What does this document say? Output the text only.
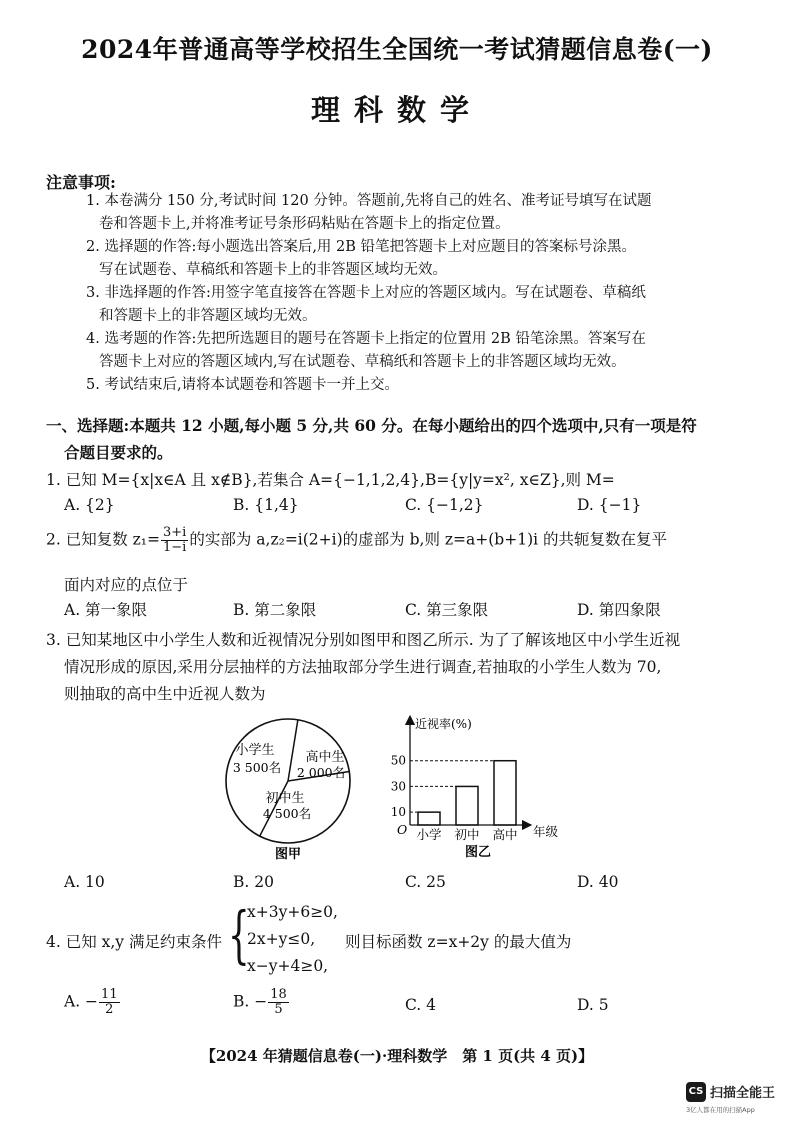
2024年普通高等学校招生全国统一考试猜题信息卷(一)
理科数学
注意事项:
1. 本卷满分 150 分,考试时间 120 分钟。答题前,先将自己的姓名、准考证号填写在试题
卷和答题卡上,并将准考证号条形码粘贴在答题卡上的指定位置。
2. 选择题的作答:每小题选出答案后,用 2B 铅笔把答题卡上对应题目的答案标号涂黑。
写在试题卷、草稿纸和答题卡上的非答题区域均无效。
3. 非选择题的作答:用签字笔直接答在答题卡上对应的答题区域内。写在试题卷、草稿纸
和答题卡上的非答题区域均无效。
4. 选考题的作答:先把所选题目的题号在答题卡上指定的位置用 2B 铅笔涂黑。答案写在
答题卡上对应的答题区域内,写在试题卷、草稿纸和答题卡上的非答题区域均无效。
5. 考试结束后,请将本试题卷和答题卡一并上交。
一、选择题:本题共 12 小题,每小题 5 分,共 60 分。在每小题给出的四个选项中,只有一项是符
合题目要求的。
1. 已知 M={x|x∈A 且 x∉B},若集合 A={−1,1,2,4},B={y|y=x², x∈Z},则 M=
A. {2}	B. {1,4}	C. {−1,2}	D. {−1}
2. 已知复数 $z_1= \frac{3+i}{1-i}$ 的实部为 a,z₂=i(2+i)的虚部为 b,则 z=a+(b+1)i 的共轭复数在复平
面内对应的点位于
A. 第一象限	B. 第二象限	C. 第三象限	D. 第四象限
3. 已知某地区中小学生人数和近视情况分别如图甲和图乙所示. 为了了解该地区中小学生近视
情况形成的原因,采用分层抽样的方法抽取部分学生进行调查,若抽取的小学生人数为 70,
则抽取的高中生中近视人数为
小学生
3 500名
高中生
2 000名
初中生
4 500名
图甲
近视率(%)
年级
O
10
30
50
小学 初中 高中
图乙
A. 10	B. 20	C. 25	D. 40
4. 已知 x,y 满足约束条件 {
x+3y+6≥0,
2x+y≤0,
x−y+4≥0,
则目标函数 z=x+2y 的最大值为
A. − $\frac{11}{2}$	B. − $\frac{18}{5}$	C. 4	D. 5
【2024 年猜题信息卷(一)·理科数学　第 1 页(共 4 页)】
CS 扫描全能王
3亿人都在用的扫描App
